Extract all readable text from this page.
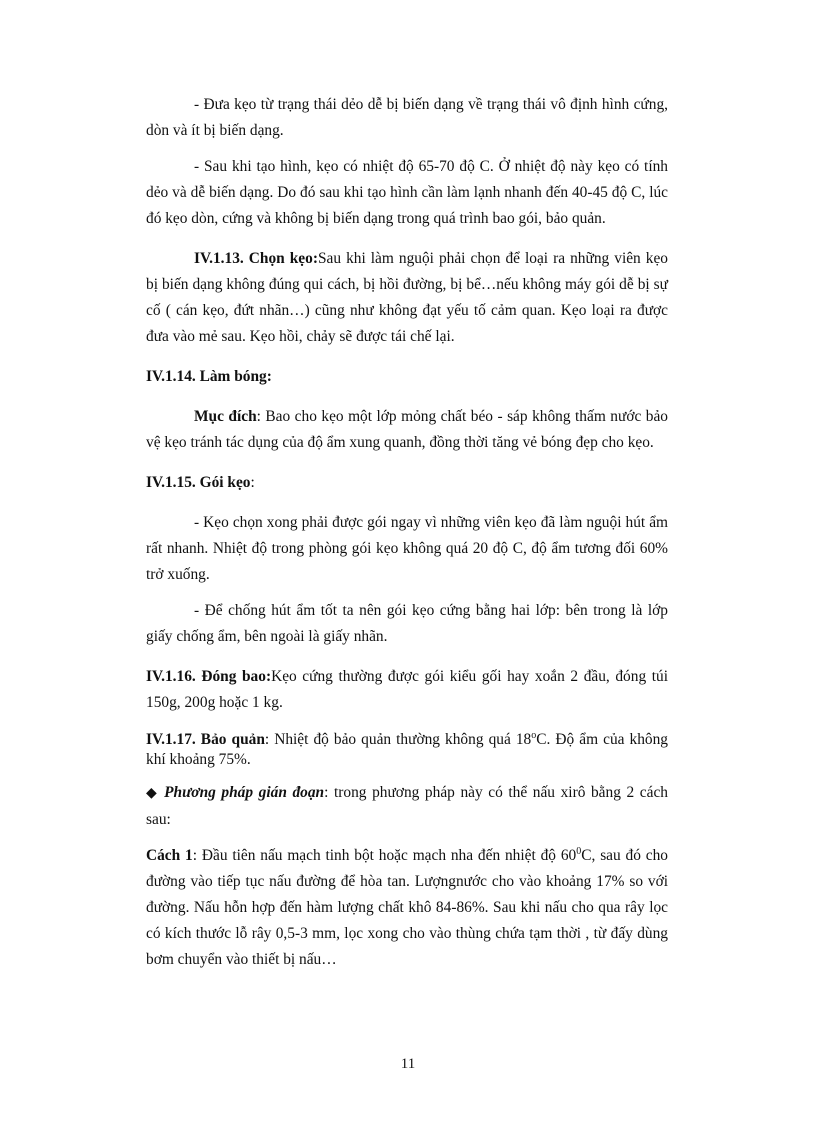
- Đưa kẹo từ trạng thái dẻo dễ bị biến dạng về trạng thái vô định hình cứng, dòn và ít bị biến dạng.

- Sau khi tạo hình, kẹo có nhiệt độ 65-70 độ C. Ở nhiệt độ này kẹo có tính dẻo và dễ biến dạng. Do đó sau khi tạo hình cần làm lạnh nhanh đến 40-45 độ C, lúc đó kẹo dòn, cứng và không bị biến dạng trong quá trình bao gói, bảo quản.

IV.1.13. Chọn kẹo:Sau khi làm nguội phải chọn để loại ra những viên kẹo bị biến dạng không đúng qui cách, bị hồi đường, bị bể…nếu không máy gói dễ bị sự cố ( cán kẹo, đứt nhãn…) cũng như không đạt yếu tố cảm quan. Kẹo loại ra được đưa vào mẻ sau. Kẹo hồi, chảy sẽ được tái chế lại.

IV.1.14. Làm bóng:

Mục đích: Bao cho kẹo một lớp mỏng chất béo - sáp không thấm nước bảo vệ kẹo tránh tác dụng của độ ẩm xung quanh, đồng thời tăng vẻ bóng đẹp cho kẹo.

IV.1.15. Gói kẹo:

- Kẹo chọn xong phải được gói ngay vì những viên kẹo đã làm nguội hút ẩm rất nhanh. Nhiệt độ trong phòng gói kẹo không quá 20 độ C, độ ẩm tương đối 60% trở xuống.

- Để chống hút ẩm tốt ta nên gói kẹo cứng bằng hai lớp: bên trong là lớp giấy chống ẩm, bên ngoài là giấy nhãn.

IV.1.16. Đóng bao:Kẹo cứng thường được gói kiểu gối hay xoắn 2 đầu, đóng túi 150g, 200g hoặc 1 kg.

IV.1.17. Bảo quản: Nhiệt độ bảo quản thường không quá 18$^o$C. Độ ẩm của không khí khoảng 75%.

◆ Phương pháp gián đoạn: trong phương pháp này có thể nấu xirô bằng 2 cách sau:

Cách 1: Đầu tiên nấu mạch tinh bột hoặc mạch nha đến nhiệt độ $60^0C$, sau đó cho đường vào tiếp tục nấu đường để hòa tan. Lượngnước cho vào khoảng 17% so với đường. Nấu hỗn hợp đến hàm lượng chất khô 84-86%. Sau khi nấu cho qua rây lọc có kích thước lỗ rây 0,5-3 mm, lọc xong cho vào thùng chứa tạm thời , từ đấy dùng bơm chuyển vào thiết bị nấu…

11
